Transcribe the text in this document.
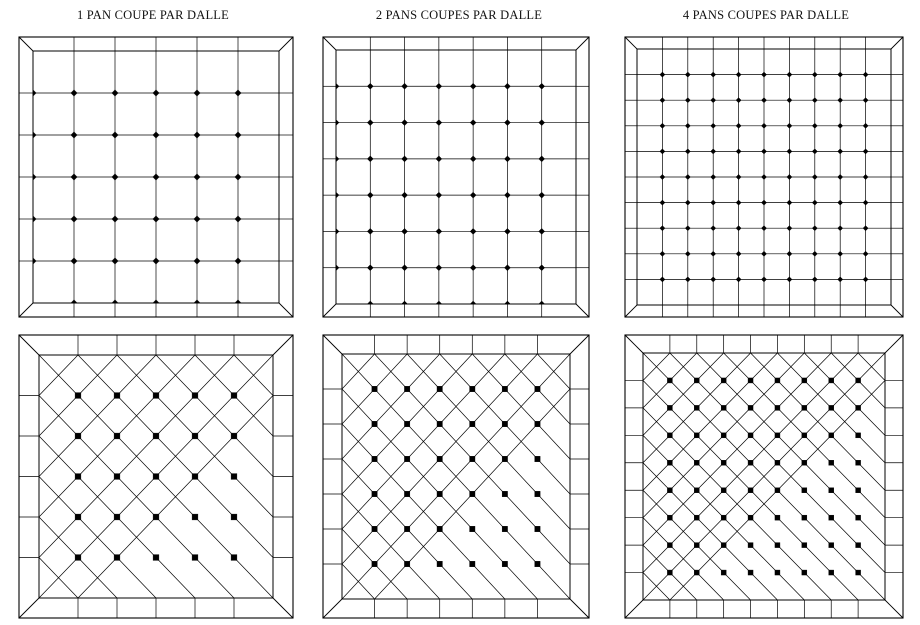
1 PAN COUPE PAR DALLE	2 PANS COUPES PAR DALLE	4 PANS COUPES PAR DALLE
